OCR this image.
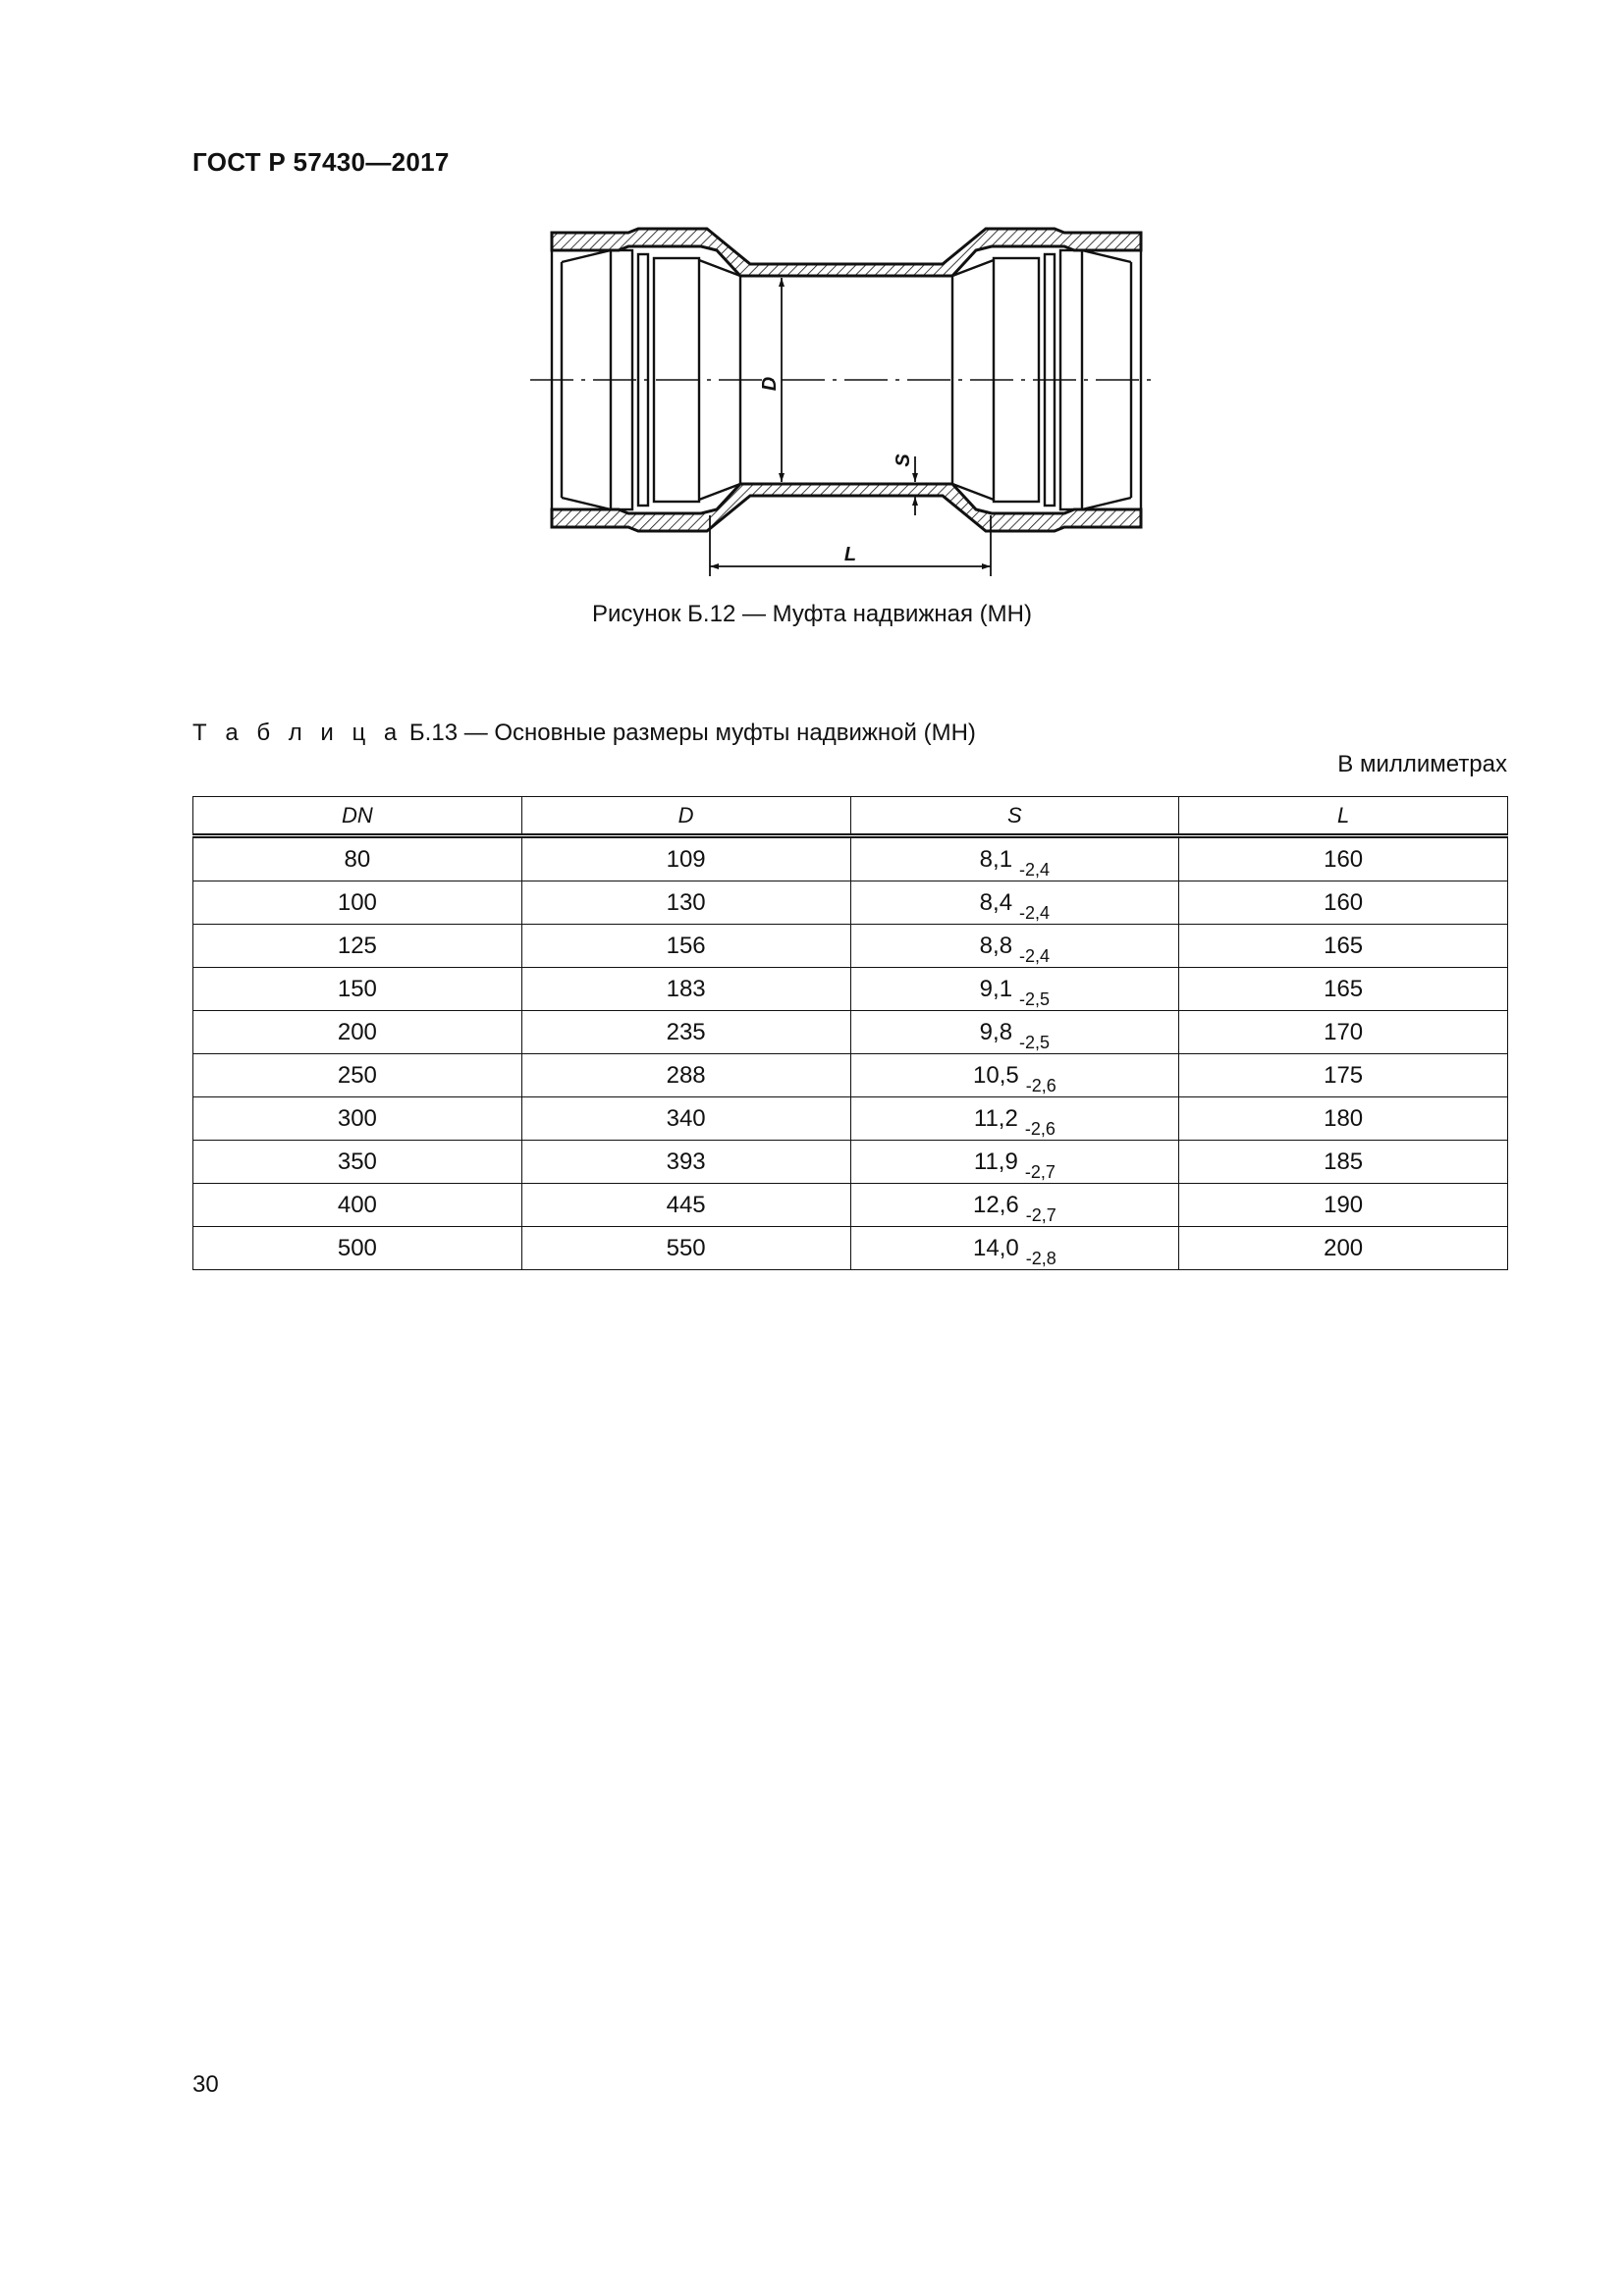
ГОСТ Р 57430—2017
D
S
L
Рисунок Б.12 — Муфта надвижная (МН)
Т а б л и ц а Б.13 — Основные размеры муфты надвижной (МН)
В миллиметрах
DN	D	S	L
80	109	8,1 $_{-2,4}$	160
100	130	8,4 $_{-2,4}$	160
125	156	8,8 $_{-2,4}$	165
150	183	9,1 $_{-2,5}$	165
200	235	9,8 $_{-2,5}$	170
250	288	10,5 $_{-2,6}$	175
300	340	11,2 $_{-2,6}$	180
350	393	11,9 $_{-2,7}$	185
400	445	12,6 $_{-2,7}$	190
500	550	14,0 $_{-2,8}$	200
30
